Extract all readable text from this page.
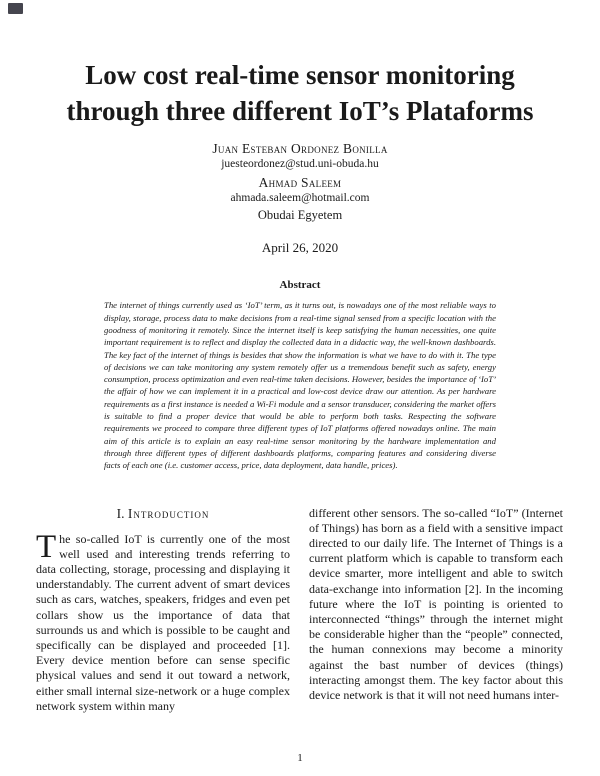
Low cost real-time sensor monitoring through three different IoT’s Plataforms
Juan Esteban Ordonez Bonilla
juesteordonez@stud.uni-obuda.hu
Ahmad Saleem
ahmada.saleem@hotmail.com
Obudai Egyetem
April 26, 2020
Abstract
The internet of things currently used as ‘IoT’ term, as it turns out, is nowadays one of the most reliable ways to display, storage, process data to make decisions from a real-time signal sensed from a specific location with the goodness of monitoring it remotely. Since the internet itself is keep satisfying the human necessities, one quite important requirement is to reflect and display the collected data in a didactic way, the well-known dashboards. The key fact of the internet of things is besides that show the information is what we have to do with it. The type of decisions we can take monitoring any system remotely offer us a tremendous benefit such as safety, energy consumption, process optimization and even real-time taken decisions. However, besides the importance of ‘IoT’ the affair of how we can implement it in a practical and low-cost device draw our attention. As per hardware requirements as a first instance is needed a Wi-Fi module and a sensor transducer, considering the market offers is suitable to find a proper device that would be able to perform both tasks. Respecting the software requirements we proceed to compare three different types of IoT platforms offered nowadays online. The main aim of this article is to explain an easy real-time sensor monitoring by the hardware implementation and through three different types of different dashboards platforms, comparing features and considering diverse facts of each one (i.e. customer access, price, data deployment, data handle, prices).
I. Introduction

The so-called IoT is currently one of the most well used and interesting trends referring to data collecting, storage, processing and displaying it understandably. The current advent of smart devices such as cars, watches, speakers, fridges and even pet collars show us the importance of data that surrounds us and which is possible to be caught and specifically can be displayed and proceeded [1]. Every device mention before can sense specific physical values and send it out toward a network, either small internal size-network or a huge complex network system within many

different other sensors. The so-called “IoT” (Internet of Things) has born as a field with a sensitive impact directed to our daily life. The Internet of Things is a current platform which is capable to transform each device smarter, more intelligent and able to switch data-exchange into information [2]. In the incoming future where the IoT is pointing is oriented to interconnected “things” through the internet might be considerable higher than the “people” connected, the human connexions may become a minority against the bast number of devices (things) interacting amongst them. The key factor about this device network is that it will not need humans inter-

1
